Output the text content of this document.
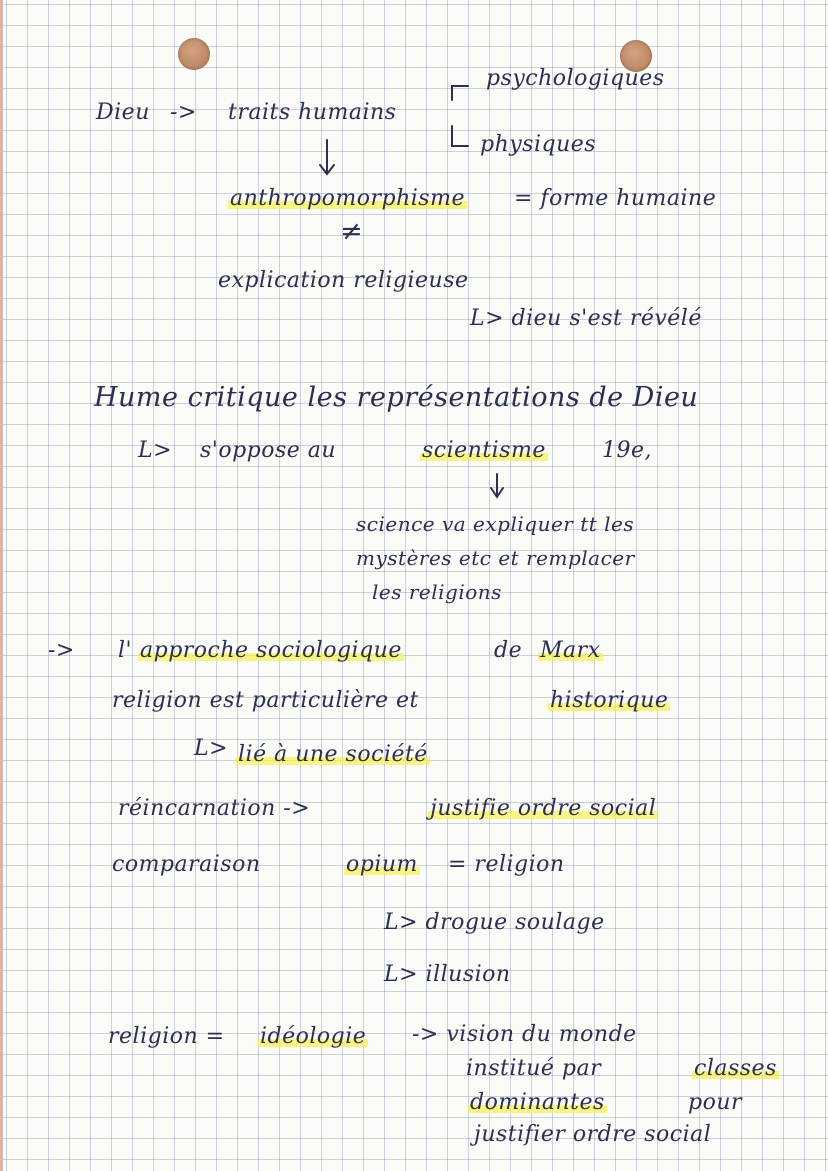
Dieu -> traits humains
psychologiques
physiques
anthropomorphisme = forme humaine
≠
explication religieuse
L> dieu s'est révélé
Hume critique les représentations de Dieu
L> s'oppose au	scientisme	19e,
science va expliquer tt les
mystères etc et remplacer
les religions
-> l' approche sociologique	de Marx
religion est particulière et	historique
L> lié à une société
réincarnation ->	justifie ordre social
comparaison	opium = religion
L> drogue soulage
L> illusion
religion = idéologie -> vision du monde
institué par	classes
dominantes	pour
justifier ordre social
